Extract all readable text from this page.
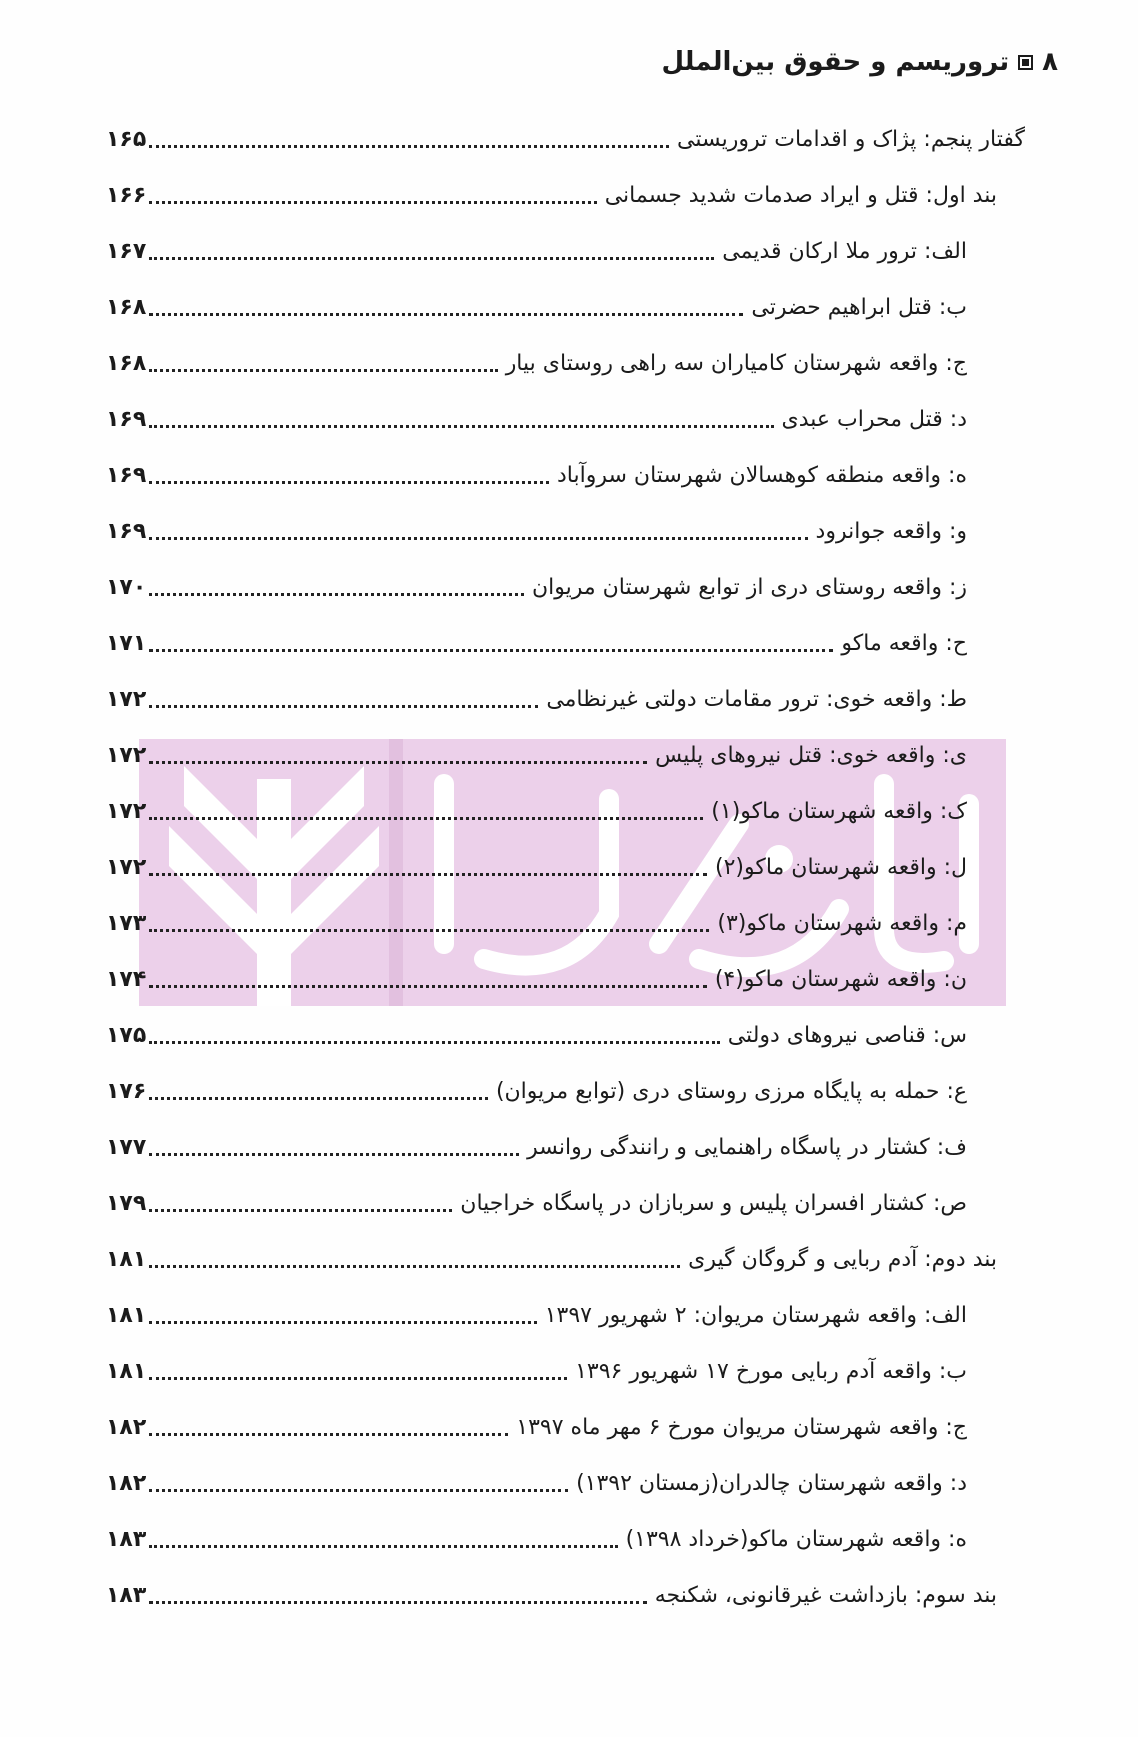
۸
تروریسم و حقوق بین‌الملل
گفتار پنجم: پژاک و اقدامات تروریستی
۱۶۵
بند اول: قتل و ایراد صدمات شدید جسمانی
۱۶۶
الف: ترور ملا ارکان قدیمی
۱۶۷
ب: قتل ابراهیم حضرتی
۱۶۸
ج: واقعه شهرستان کامیاران سه راهی روستای بیار
۱۶۸
د: قتل محراب عبدی
۱۶۹
ه: واقعه منطقه کوهسالان شهرستان سروآباد
۱۶۹
و: واقعه جوانرود
۱۶۹
ز: واقعه روستای دری از توابع شهرستان مریوان
۱۷۰
ح: واقعه ماکو
۱۷۱
ط: واقعه خوی: ترور مقامات دولتی غیرنظامی
۱۷۲
ی: واقعه خوی: قتل نیروهای پلیس
۱۷۲
ک: واقعه شهرستان ماکو(۱)
۱۷۲
ل: واقعه شهرستان ماکو(۲)
۱۷۲
م: واقعه شهرستان ماکو(۳)
۱۷۳
ن: واقعه شهرستان ماکو(۴)
۱۷۴
س: قناصی نیروهای دولتی
۱۷۵
ع: حمله به پایگاه مرزی روستای دری (توابع مریوان)
۱۷۶
ف: کشتار در پاسگاه راهنمایی و رانندگی روانسر
۱۷۷
ص: کشتار افسران پلیس و سربازان در پاسگاه خراجیان
۱۷۹
بند دوم: آدم ربایی و گروگان گیری
۱۸۱
الف: واقعه شهرستان مریوان: ۲ شهریور ۱۳۹۷
۱۸۱
ب: واقعه آدم ربایی مورخ ۱۷ شهریور ۱۳۹۶
۱۸۱
ج: واقعه شهرستان مریوان مورخ ۶ مهر ماه ۱۳۹۷
۱۸۲
د: واقعه شهرستان چالدران(زمستان ۱۳۹۲)
۱۸۲
ه: واقعه شهرستان ماکو(خرداد ۱۳۹۸)
۱۸۳
بند سوم: بازداشت غیرقانونی، شکنجه
۱۸۳
